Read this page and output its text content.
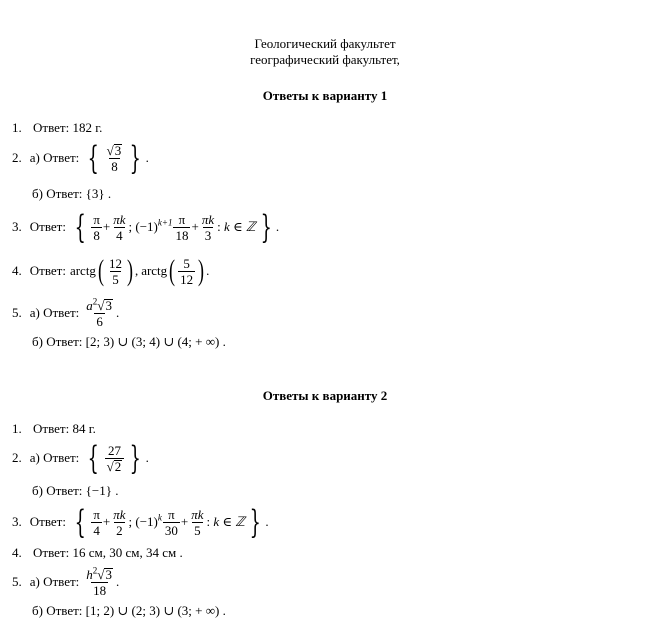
Геологический факультет
географический факультет,
Ответы к варианту 1
1. Ответ: 182 г.
2. а) Ответ: { $\frac{√ 3}{8}$ } .
б) Ответ: {3} .
3. Ответ: { $\frac{\pi}{8} + \frac{\pi k}{4}$ ; $(-1)^{k+1} \frac{\pi}{18} + \frac{\pi k}{3}$ : k ∈ ℤ } .
4. Ответ: arctg ( $\frac{12}{5}$ ) , arctg ( $\frac{5}{12}$ ) .
5. а) Ответ: $\frac{a^2 √ 3}{6}$ .
б) Ответ: [2; 3) ∪ (3; 4) ∪ (4; + ∞) .
Ответы к варианту 2
1. Ответ: 84 г.
2. а) Ответ: { $\frac{27}{√ 2}$ } .
б) Ответ: {−1} .
3. Ответ: { $\frac{\pi}{4} + \frac{\pi k}{2}$ ; $(-1)^k \frac{\pi}{30} + \frac{\pi k}{5}$ : k ∈ ℤ } .
4. Ответ: 16 см, 30 см, 34 см .
5. а) Ответ: $\frac{h^2 √ 3}{18}$ .
б) Ответ: [1; 2) ∪ (2; 3) ∪ (3; + ∞) .
